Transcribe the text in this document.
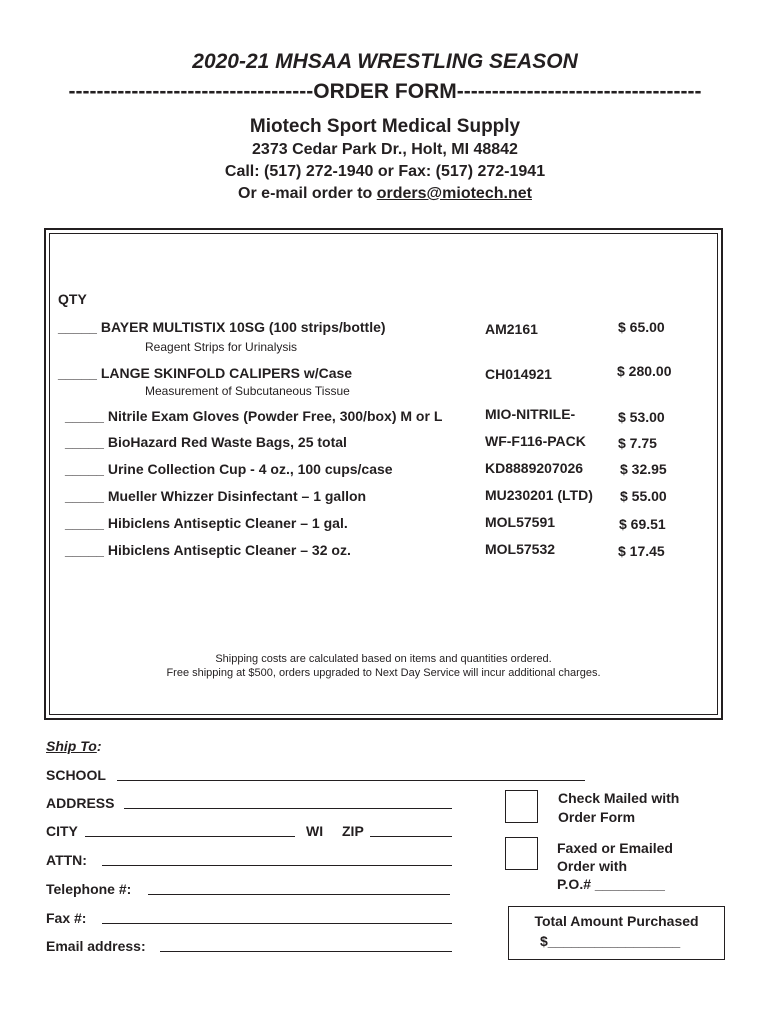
2020-21 MHSAA WRESTLING SEASON
-----------------------------------ORDER FORM-----------------------------------
Miotech Sport Medical Supply
2373 Cedar Park Dr., Holt, MI 48842
Call: (517) 272-1940 or Fax: (517) 272-1941
Or e-mail order to orders@miotech.net
QTY
_____ BAYER MULTISTIX 10SG (100 strips/bottle)
Reagent Strips for Urinalysis
AM2161	$ 65.00
_____ LANGE SKINFOLD CALIPERS w/Case
Measurement of Subcutaneous Tissue
CH014921	$ 280.00
_____ Nitrile Exam Gloves (Powder Free, 300/box) M or L	MIO-NITRILE-	$ 53.00
_____ BioHazard Red Waste Bags, 25 total	WF-F116-PACK $ 7.75
_____ Urine Collection Cup - 4 oz., 100 cups/case	KD8889207026	$ 32.95
_____ Mueller Whizzer Disinfectant – 1 gallon	MU230201 (LTD) $ 55.00
_____ Hibiclens Antiseptic Cleaner – 1 gal.	MOL57591	$ 69.51
_____ Hibiclens Antiseptic Cleaner – 32 oz.	MOL57532	$ 17.45
Shipping costs are calculated based on items and quantities ordered.
Free shipping at $500, orders upgraded to Next Day Service will incur additional charges.
Ship To:
SCHOOL
ADDRESS
CITY	WI ZIP
ATTN:
Telephone #:
Fax #:
Email address:
Check Mailed with
Order Form
Faxed or Emailed
Order with
P.O.# _________
Total Amount Purchased
$_________________
